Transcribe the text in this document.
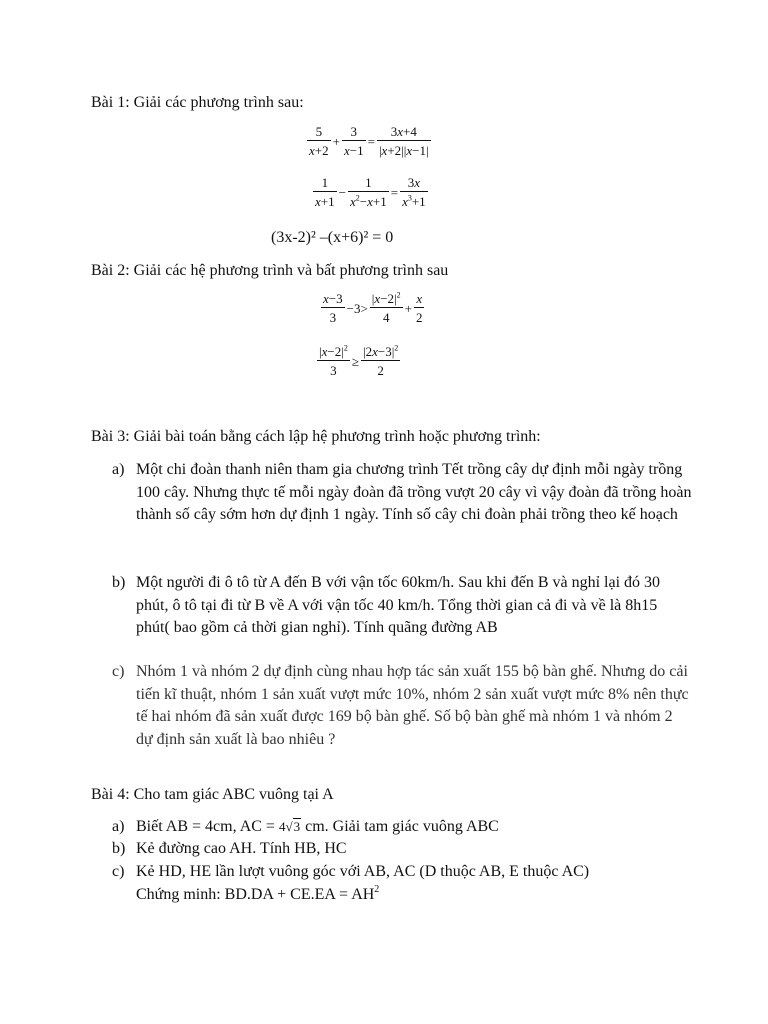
Bài 1: Giải các phương trình sau:
$\frac{5}{x+2} + \frac{3}{x-1} = \frac{3x+4}{|x+2||x-1|}$
$\frac{1}{x+1} - \frac{1}{x^2-x+1} = \frac{3x}{x^3+1}$
(3x-2)² –(x+6)² = 0
Bài 2: Giải các hệ phương trình và bất phương trình sau
$\frac{x-3}{3} -3> \frac{|x-2|^2}{4} + \frac{x}{2}$
$\frac{|x-2|^2}{3} \ge \frac{|2x-3|^2}{2}$
Bài 3: Giải bài toán bằng cách lập hệ phương trình hoặc phương trình:
a) Một chi đoàn thanh niên tham gia chương trình Tết trồng cây dự định mỗi ngày trồng 100 cây. Nhưng thực tế mỗi ngày đoàn đã trồng vượt 20 cây vì vậy đoàn đã trồng hoàn thành số cây sớm hơn dự định 1 ngày. Tính số cây chi đoàn phải trồng theo kế hoạch
b) Một người đi ô tô từ A đến B với vận tốc 60km/h. Sau khi đến B và nghỉ lại đó 30 phút, ô tô tại đi từ B về A với vận tốc 40 km/h. Tổng thời gian cả đi và về là 8h15 phút( bao gồm cả thời gian nghỉ). Tính quãng đường AB
c) Nhóm 1 và nhóm 2 dự định cùng nhau hợp tác sản xuất 155 bộ bàn ghế. Nhưng do cải tiến kĩ thuật, nhóm 1 sản xuất vượt mức 10%, nhóm 2 sản xuất vượt mức 8% nên thực tế hai nhóm đã sản xuất được 169 bộ bàn ghế. Số bộ bàn ghế mà nhóm 1 và nhóm 2 dự định sản xuất là bao nhiêu ?
Bài 4: Cho tam giác ABC vuông tại A
a) Biết AB = 4cm, AC = 4√3 cm. Giải tam giác vuông ABC
b) Kẻ đường cao AH. Tính HB, HC
c) Kẻ HD, HE lần lượt vuông góc với AB, AC (D thuộc AB, E thuộc AC)
Chứng minh: $BD.DA + CE.EA = AH^2$
